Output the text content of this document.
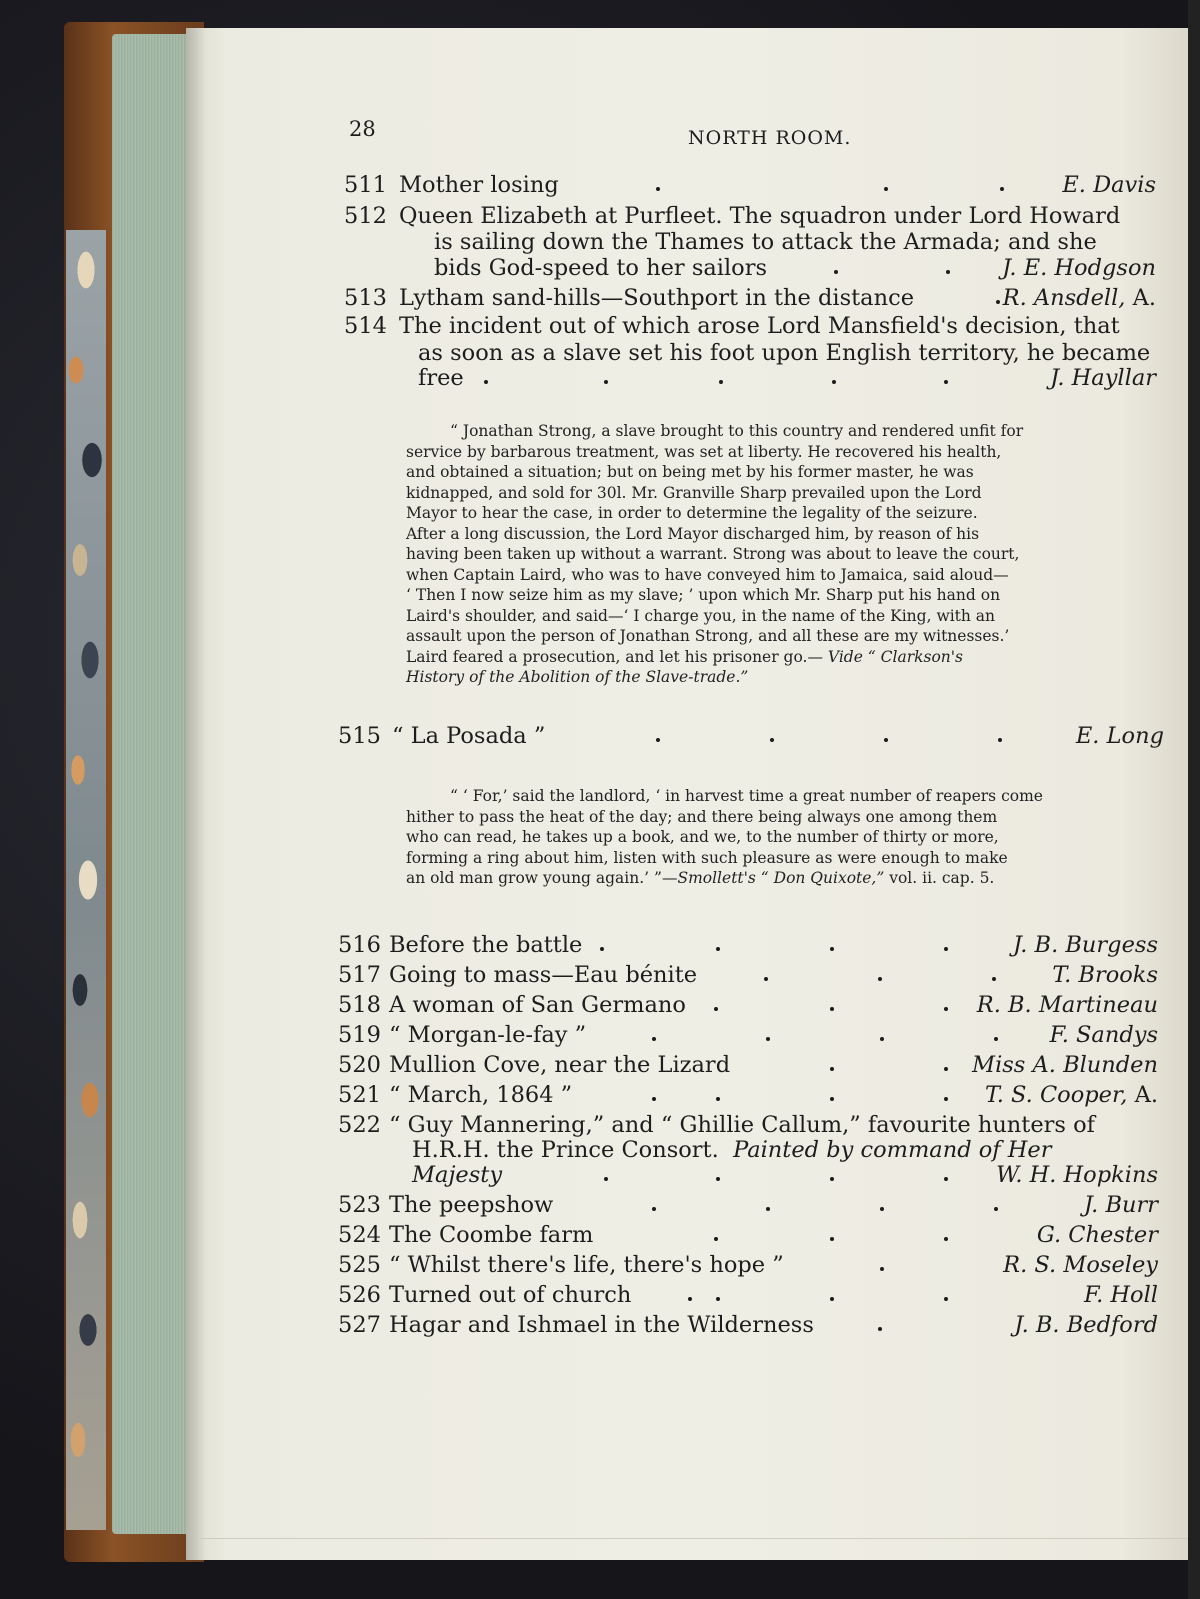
28	NORTH ROOM.
511 Mother losing	E. Davis
512 Queen Elizabeth at Purfleet. The squadron under Lord Howard
is sailing down the Thames to attack the Armada; and she
bids God-speed to her sailors	J. E. Hodgson
513 Lytham sand-hills—Southport in the distance	R. Ansdell, A.
514 The incident out of which arose Lord Mansfield's decision, that
as soon as a slave set his foot upon English territory, he became
free	J. Hayllar
“ Jonathan Strong, a slave brought to this country and rendered unfit for
service by barbarous treatment, was set at liberty. He recovered his health,
and obtained a situation; but on being met by his former master, he was
kidnapped, and sold for 30l. Mr. Granville Sharp prevailed upon the Lord
Mayor to hear the case, in order to determine the legality of the seizure.
After a long discussion, the Lord Mayor discharged him, by reason of his
having been taken up without a warrant. Strong was about to leave the court,
when Captain Laird, who was to have conveyed him to Jamaica, said aloud—
‘ Then I now seize him as my slave; ’ upon which Mr. Sharp put his hand on
Laird's shoulder, and said—‘ I charge you, in the name of the King, with an
assault upon the person of Jonathan Strong, and all these are my witnesses.’
Laird feared a prosecution, and let his prisoner go.— Vide “ Clarkson's
History of the Abolition of the Slave-trade.”
515 “ La Posada ”	E. Long
“ ‘ For,’ said the landlord, ‘ in harvest time a great number of reapers come
hither to pass the heat of the day; and there being always one among them
who can read, he takes up a book, and we, to the number of thirty or more,
forming a ring about him, listen with such pleasure as were enough to make
an old man grow young again.’ ”—Smollett's “ Don Quixote,” vol. ii. cap. 5.
516 Before the battle	J. B. Burgess
517 Going to mass—Eau bénite	T. Brooks
518 A woman of San Germano	R. B. Martineau
519 “ Morgan-le-fay ”	F. Sandys
520 Mullion Cove, near the Lizard	Miss A. Blunden
521 “ March, 1864 ”	T. S. Cooper, A.
522 “ Guy Mannering,” and “ Ghillie Callum,” favourite hunters of
H.R.H. the Prince Consort. Painted by command of Her
Majesty	W. H. Hopkins
523 The peepshow	J. Burr
524 The Coombe farm	G. Chester
525 “ Whilst there's life, there's hope ”	R. S. Moseley
526 Turned out of church	F. Holl
527 Hagar and Ishmael in the Wilderness	J. B. Bedford
